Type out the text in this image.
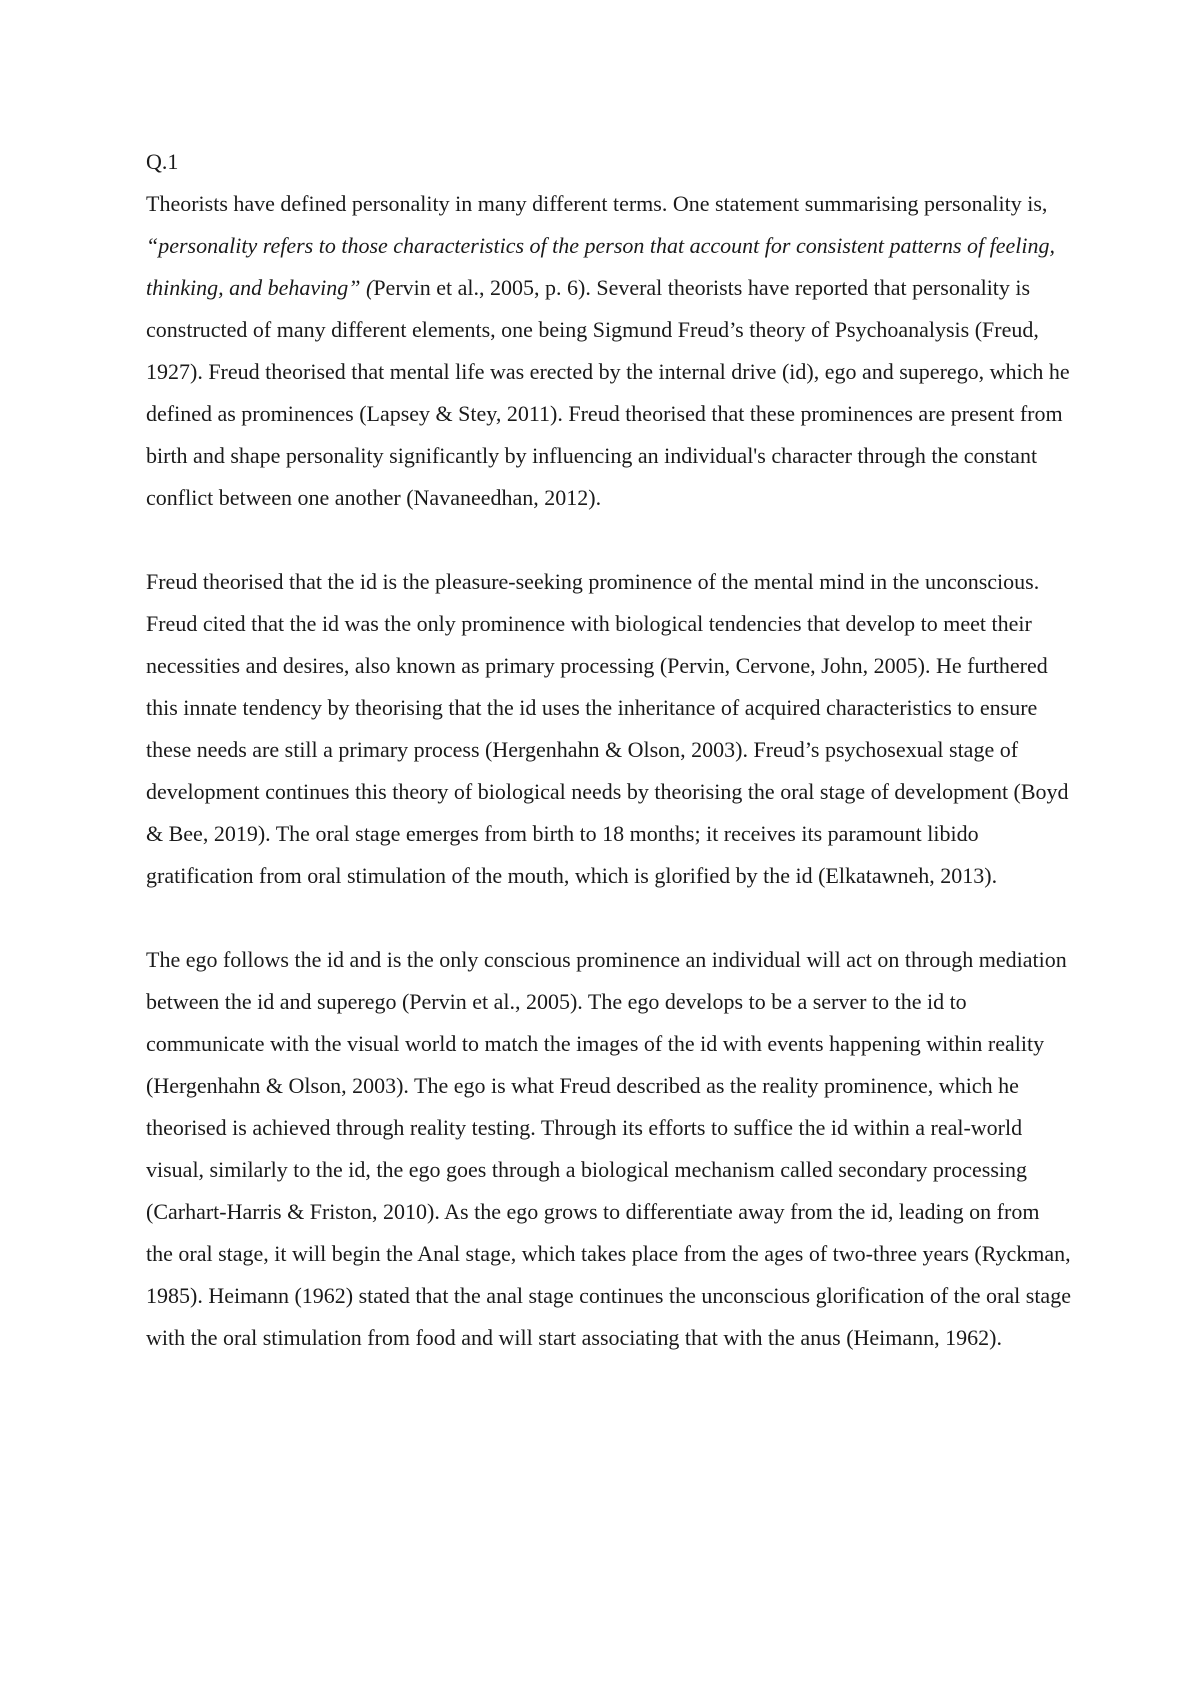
Q.1

Theorists have defined personality in many different terms. One statement summarising personality is, “personality refers to those characteristics of the person that account for consistent patterns of feeling, thinking, and behaving” (Pervin et al., 2005, p. 6). Several theorists have reported that personality is constructed of many different elements, one being Sigmund Freud’s theory of Psychoanalysis (Freud, 1927). Freud theorised that mental life was erected by the internal drive (id), ego and superego, which he defined as prominences (Lapsey & Stey, 2011). Freud theorised that these prominences are present from birth and shape personality significantly by influencing an individual's character through the constant conflict between one another (Navaneedhan, 2012).

Freud theorised that the id is the pleasure-seeking prominence of the mental mind in the unconscious. Freud cited that the id was the only prominence with biological tendencies that develop to meet their necessities and desires, also known as primary processing (Pervin, Cervone, John, 2005). He furthered this innate tendency by theorising that the id uses the inheritance of acquired characteristics to ensure these needs are still a primary process (Hergenhahn & Olson, 2003). Freud’s psychosexual stage of development continues this theory of biological needs by theorising the oral stage of development (Boyd & Bee, 2019). The oral stage emerges from birth to 18 months; it receives its paramount libido gratification from oral stimulation of the mouth, which is glorified by the id (Elkatawneh, 2013).

The ego follows the id and is the only conscious prominence an individual will act on through mediation between the id and superego (Pervin et al., 2005). The ego develops to be a server to the id to communicate with the visual world to match the images of the id with events happening within reality (Hergenhahn & Olson, 2003). The ego is what Freud described as the reality prominence, which he theorised is achieved through reality testing. Through its efforts to suffice the id within a real-world visual, similarly to the id, the ego goes through a biological mechanism called secondary processing (Carhart-Harris & Friston, 2010). As the ego grows to differentiate away from the id, leading on from the oral stage, it will begin the Anal stage, which takes place from the ages of two-three years (Ryckman, 1985). Heimann (1962) stated that the anal stage continues the unconscious glorification of the oral stage with the oral stimulation from food and will start associating that with the anus (Heimann, 1962).
